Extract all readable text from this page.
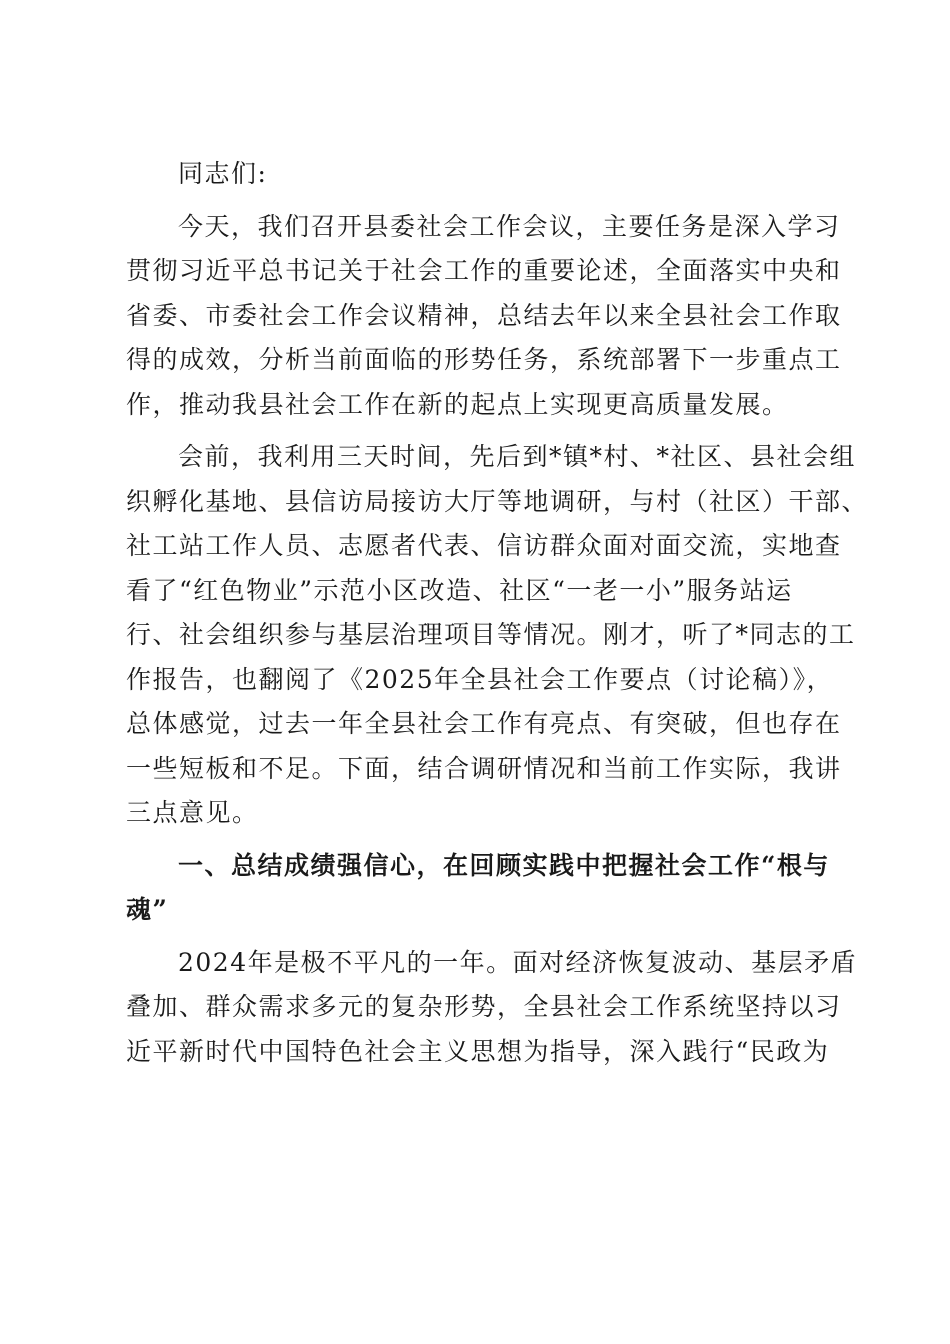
同志们:
今天，我们召开县委社会工作会议，主要任务是深入学习
贯彻习近平总书记关于社会工作的重要论述，全面落实中央和
省委、市委社会工作会议精神，总结去年以来全县社会工作取
得的成效，分析当前面临的形势任务，系统部署下一步重点工
作，推动我县社会工作在新的起点上实现更高质量发展。
会前，我利用三天时间，先后到*镇*村、*社区、县社会组
织孵化基地、县信访局接访大厅等地调研，与村（社区）干部、
社工站工作人员、志愿者代表、信访群众面对面交流，实地查
看了“红色物业”示范小区改造、社区“一老一小”服务站运
行、社会组织参与基层治理项目等情况。刚才，听了*同志的工
作报告，也翻阅了《2025年全县社会工作要点（讨论稿）》，
总体感觉，过去一年全县社会工作有亮点、有突破，但也存在
一些短板和不足。下面，结合调研情况和当前工作实际，我讲
三点意见。
一、总结成绩强信心，在回顾实践中把握社会工作“根与
魂”
2024年是极不平凡的一年。面对经济恢复波动、基层矛盾
叠加、群众需求多元的复杂形势，全县社会工作系统坚持以习
近平新时代中国特色社会主义思想为指导，深入践行“民政为
